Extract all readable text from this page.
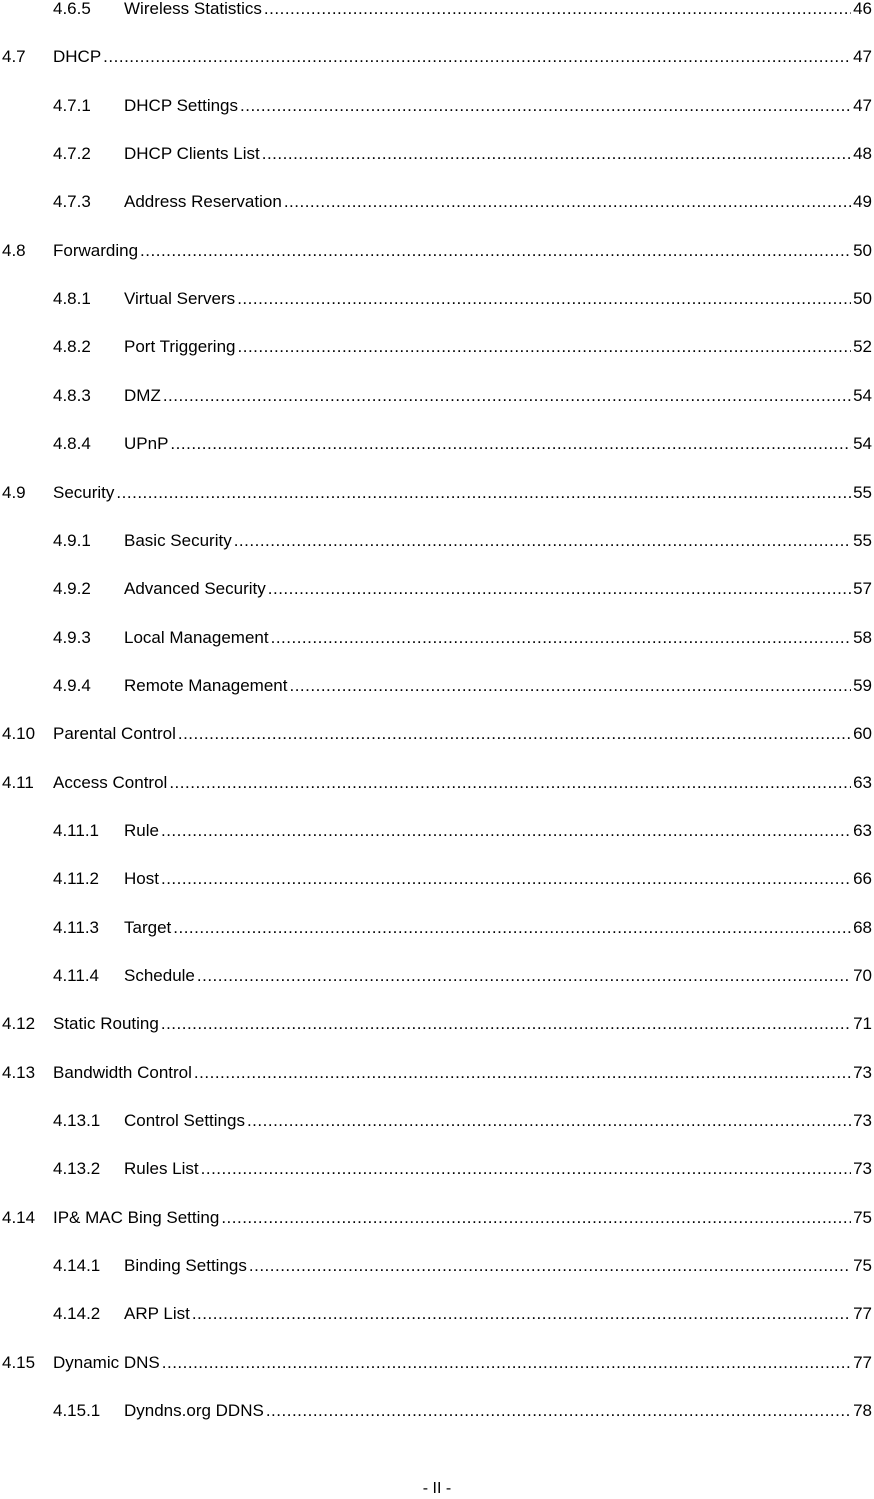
4.6.5 Wireless Statistics .....	46
4.7 DHCP .....	47
4.7.1 DHCP Settings .....	47
4.7.2 DHCP Clients List .....	48
4.7.3 Address Reservation .....	49
4.8 Forwarding .....	50
4.8.1 Virtual Servers .....	50
4.8.2 Port Triggering .....	52
4.8.3 DMZ .....	54
4.8.4 UPnP .....	54
4.9 Security .....	55
4.9.1 Basic Security .....	55
4.9.2 Advanced Security .....	57
4.9.3 Local Management .....	58
4.9.4 Remote Management .....	59
4.10 Parental Control .....	60
4.11 Access Control .....	63
4.11.1 Rule .....	63
4.11.2 Host .....	66
4.11.3 Target .....	68
4.11.4 Schedule .....	70
4.12 Static Routing .....	71
4.13 Bandwidth Control .....	73
4.13.1 Control Settings .....	73
4.13.2 Rules List .....	73
4.14 IP& MAC Bing Setting .....	75
4.14.1 Binding Settings .....	75
4.14.2 ARP List .....	77
4.15 Dynamic DNS .....	77
4.15.1 Dyndns.org DDNS .....	78
- II -
